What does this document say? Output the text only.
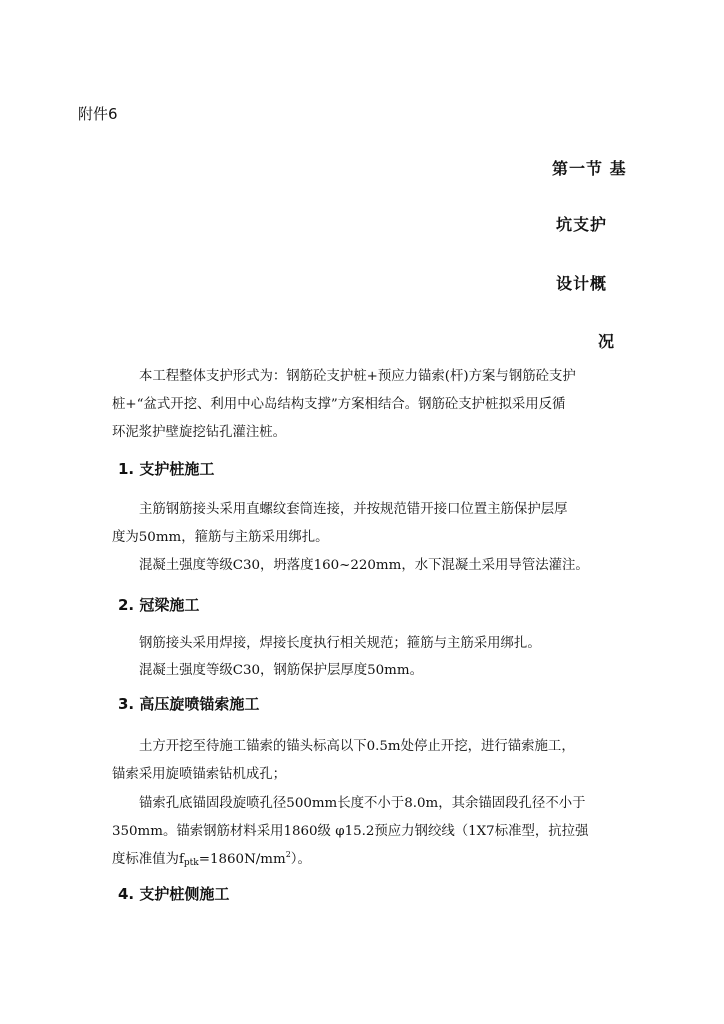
附件6
第一节 基
坑支护
设计概
况
本工程整体支护形式为：钢筋砼支护桩+预应力锚索(杆)方案与钢筋砼支护
桩+“盆式开挖、利用中心岛结构支撑”方案相结合。钢筋砼支护桩拟采用反循
环泥浆护壁旋挖钻孔灌注桩。
1. 支护桩施工
主筋钢筋接头采用直螺纹套筒连接，并按规范错开接口位置主筋保护层厚
度为50mm，箍筋与主筋采用绑扎。
混凝土强度等级C30，坍落度160~220mm，水下混凝土采用导管法灌注。
2. 冠梁施工
钢筋接头采用焊接，焊接长度执行相关规范；箍筋与主筋采用绑扎。
混凝土强度等级C30，钢筋保护层厚度50mm。
3. 高压旋喷锚索施工
土方开挖至待施工锚索的锚头标高以下0.5m处停止开挖，进行锚索施工，
锚索采用旋喷锚索钻机成孔；
锚索孔底锚固段旋喷孔径500mm长度不小于8.0m，其余锚固段孔径不小于
350mm。锚索钢筋材料采用1860级 φ15.2预应力钢绞线（1X7标准型，抗拉强
度标准值为$f_{ptk}=1860N/mm^2$）。
4. 支护桩侧施工
